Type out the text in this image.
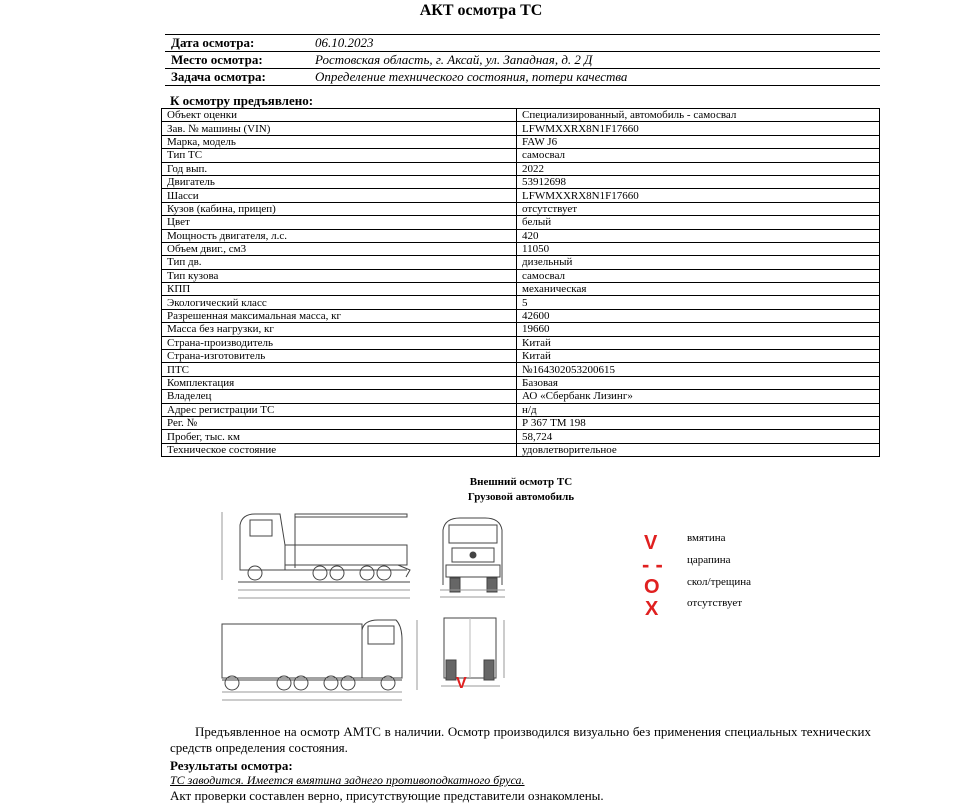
АКТ осмотра ТС
Дата осмотра:	06.10.2023
Место осмотра:	Ростовская область, г. Аксай, ул. Западная, д. 2 Д
Задача осмотра:	Определение технического состояния, потери качества
К осмотру предъявлено:
Объект оценки	Специализированный, автомобиль - самосвал
Зав. № машины (VIN)	LFWMXXRX8N1F17660
Марка, модель	FAW J6
Тип ТС	самосвал
Год вып.	2022
Двигатель	53912698
Шасси	LFWMXXRX8N1F17660
Кузов (кабина, прицеп)	отсутствует
Цвет	белый
Мощность двигателя, л.с.	420
Объем двиг., см3	11050
Тип дв.	дизельный
Тип кузова	самосвал
КПП	механическая
Экологический класс	5
Разрешенная максимальная масса, кг	42600
Масса без нагрузки, кг	19660
Страна-производитель	Китай
Страна-изготовитель	Китай
ПТС	№164302053200615
Комплектация	Базовая
Владелец	АО «Сбербанк Лизинг»
Адрес регистрации ТС	н/д
Рег. №	Р 367 ТМ 198
Пробег, тыс. км	58,724
Техническое состояние	удовлетворительное
Внешний осмотр ТС
Грузовой автомобиль
V
V
- -
O
X
вмятина
царапина
скол/трещина
отсутствует
Предъявленное на осмотр АМТС в наличии. Осмотр производился визуально без применения специальных технических средств определения состояния.
Результаты осмотра:
ТС заводится. Имеется вмятина заднего противоподкатного бруса.
Акт проверки составлен верно, присутствующие представители ознакомлены.
